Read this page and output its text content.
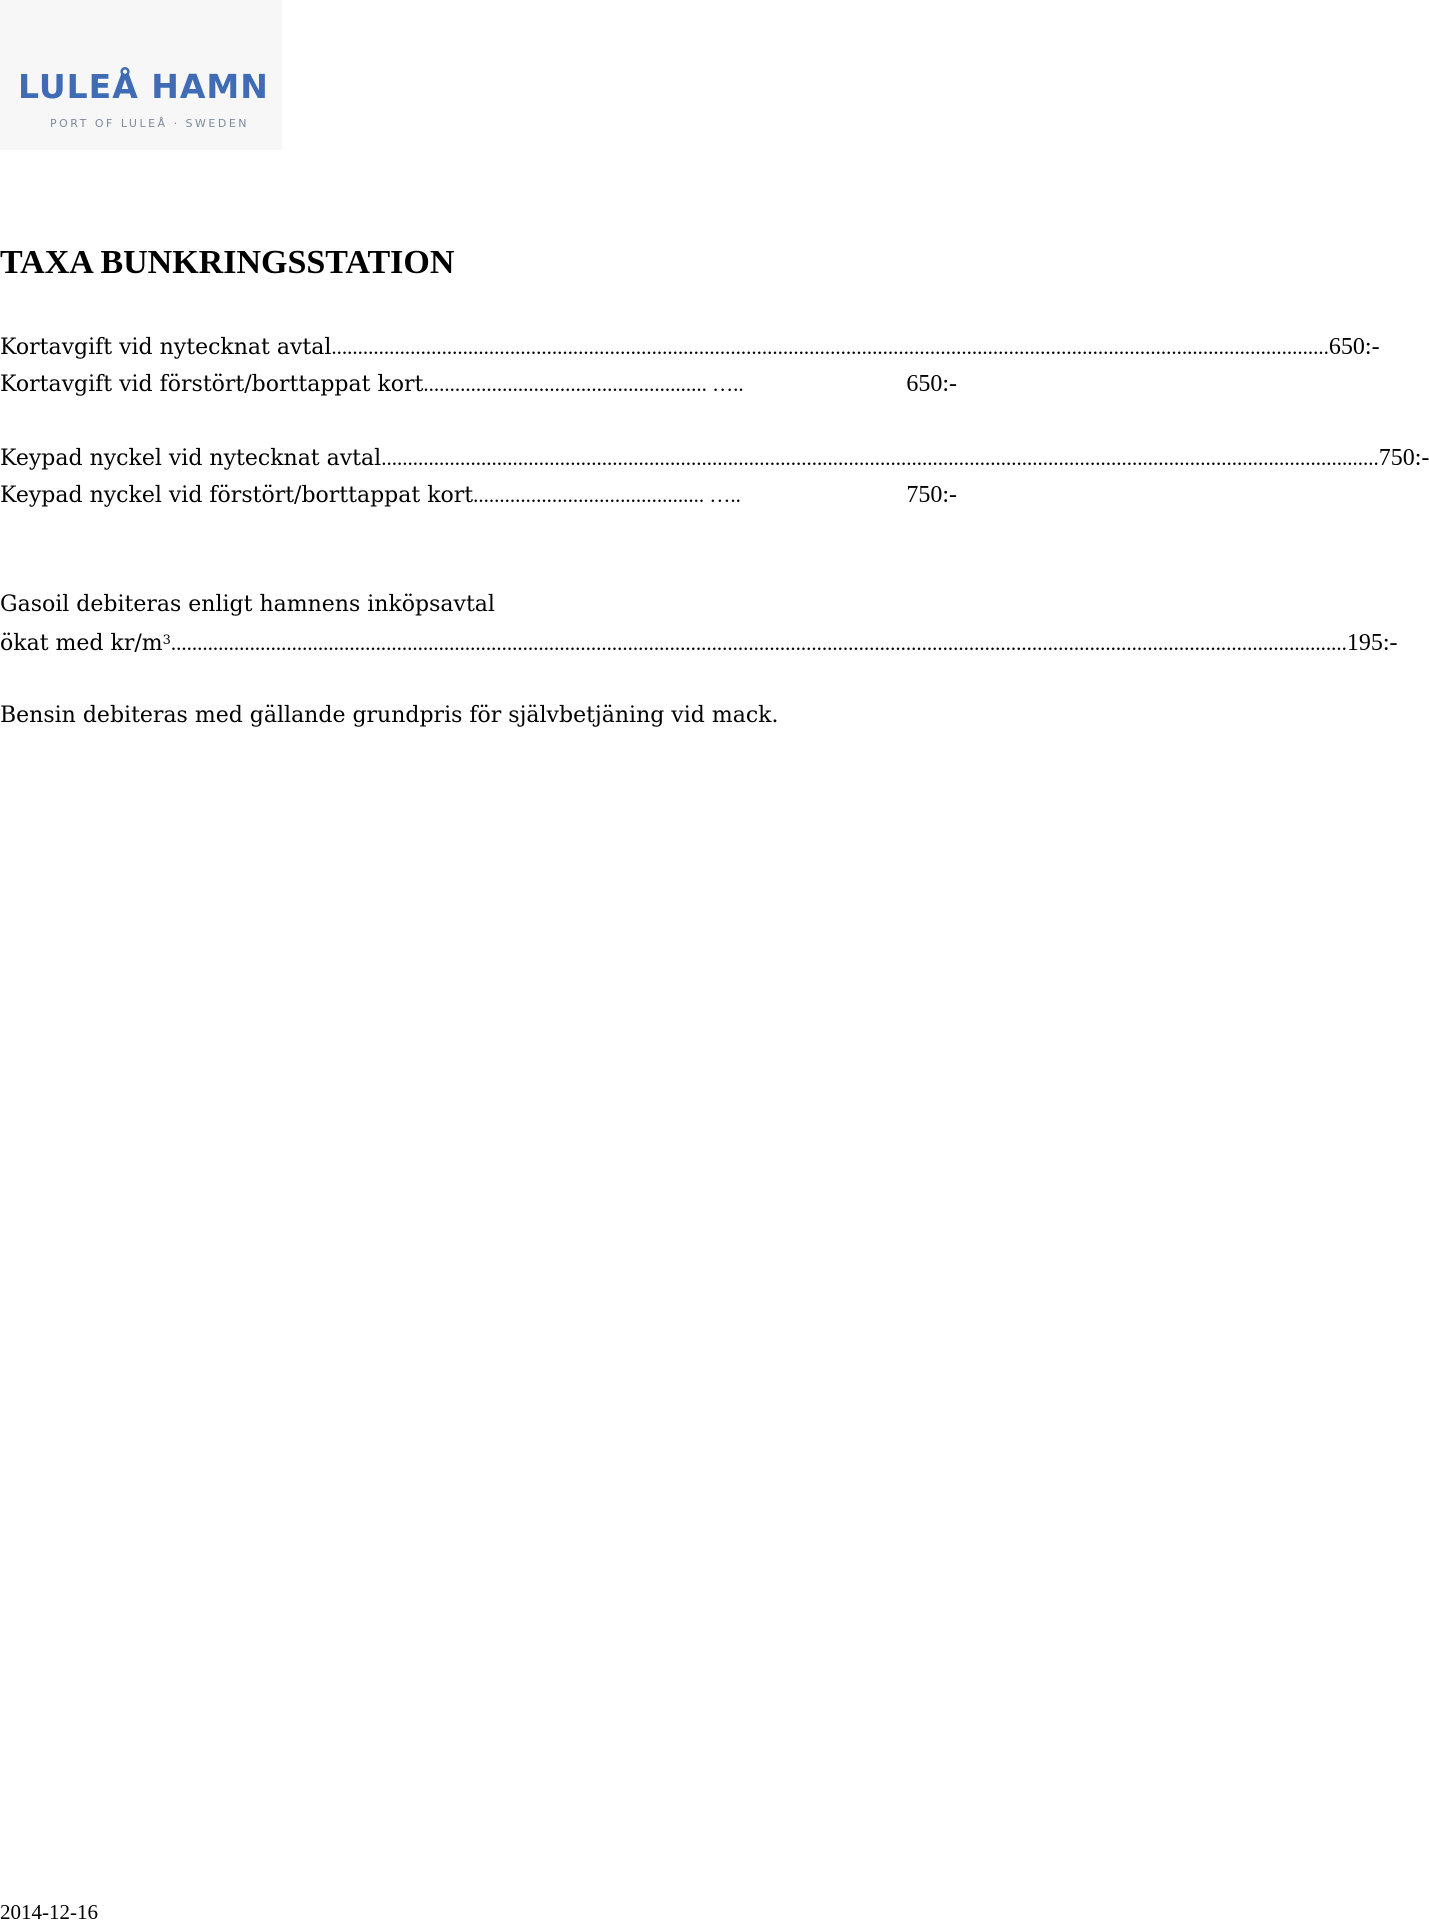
LULEÅ HAMN
PORT OF LULEÅ · SWEDEN
TAXA BUNKRINGSSTATION
Kortavgift vid nytecknat avtal .............................................................................................................................................................................................. 650:-
Kortavgift vid förstört/borttappat kort ...................................................... …..	650:-
Keypad nyckel vid nytecknat avtal .............................................................................................................................................................................................. 750:-
Keypad nyckel vid förstört/borttappat kort ............................................ …..	750:-
Gasoil debiteras enligt hamnens inköpsavtal
ökat med $kr/m^3$ ................................................................................................................................................................................................................................ 195:-
Bensin debiteras med gällande grundpris för självbetjäning vid mack.
2014-12-16
